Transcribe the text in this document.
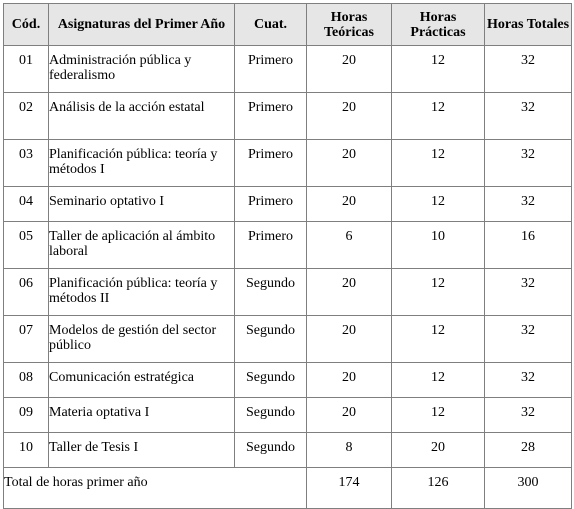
Cód.	Asignaturas del Primer Año	Cuat.	Horas Teóricas	Horas Prácticas	Horas Totales
01	Administración pública y federalismo	Primero	20	12	32
02	Análisis de la acción estatal	Primero	20	12	32
03	Planificación pública: teoría y métodos I	Primero	20	12	32
04	Seminario optativo I	Primero	20	12	32
05	Taller de aplicación al ámbito laboral	Primero	6	10	16
06	Planificación pública: teoría y métodos II	Segundo	20	12	32
07	Modelos de gestión del sector público	Segundo	20	12	32
08	Comunicación estratégica	Segundo	20	12	32
09	Materia optativa I	Segundo	20	12	32
10	Taller de Tesis I	Segundo	8	20	28
Total de horas primer año			174	126	300
